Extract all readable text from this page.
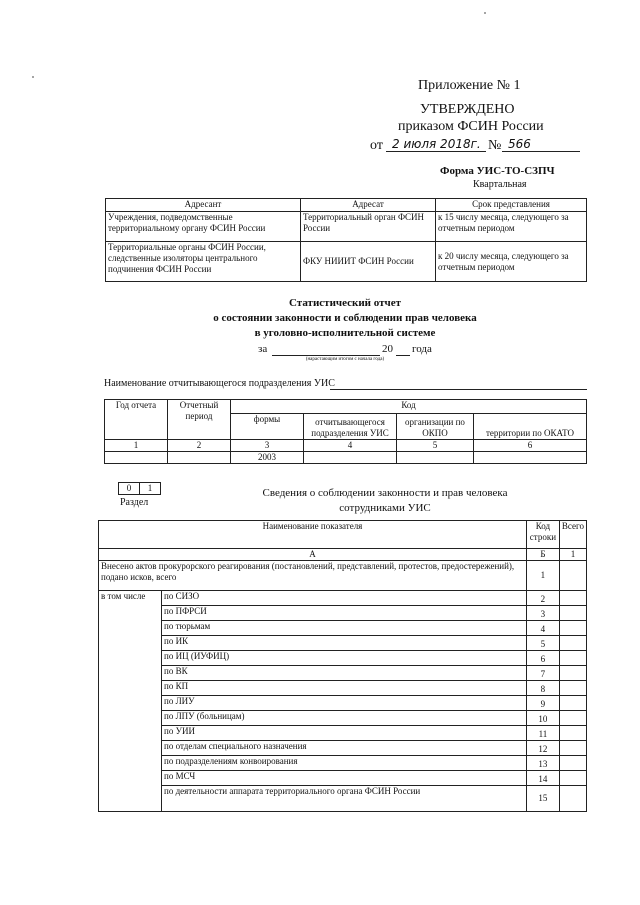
Приложение № 1
УТВЕРЖДЕНО
приказом ФСИН России
от 2 июля 2018г. № 566
Форма УИС-ТО-СЗПЧ
Квартальная
Адресант	Адресат	Срок представления
Учреждения, подведомственные территориальному органу ФСИН России	Территориальный орган ФСИН России	к 15 числу месяца, следующего за отчетным периодом
Территориальные органы ФСИН России, следственные изоляторы центрального подчинения ФСИН России	ФКУ НИИИТ ФСИН России	к 20 числу месяца, следующего за отчетным периодом
Статистический отчет
о состоянии законности и соблюдении прав человека
в уголовно-исполнительной системе
за	20 года
(нарастающим итогом с начала года)
Наименование отчитывающегося подразделения УИС
Год отчета	Отчетный период	Код			
		формы	отчитывающегося подразделения УИС	организации по ОКПО	территории по ОКАТО
1	2	3	4	5	6
		2003			
0	1
Раздел
Сведения о соблюдении законности и прав человека
сотрудниками УИС
Наименование показателя		Код строки	Всего
А		Б	1
Внесено актов прокурорского реагирования (постановлений, представлений, протестов, предостережений), подано исков, всего		1	
в том числе	по СИЗО	2	
	по ПФРСИ	3	
	по тюрьмам	4	
	по ИК	5	
	по ИЦ (ИУФИЦ)	6	
	по ВК	7	
	по КП	8	
	по ЛИУ	9	
	по ЛПУ (больницам)	10	
	по УИИ	11	
	по отделам специального назначения	12	
	по подразделениям конвоирования	13	
	по МСЧ	14	
	по деятельности аппарата территориального органа ФСИН России	15	
